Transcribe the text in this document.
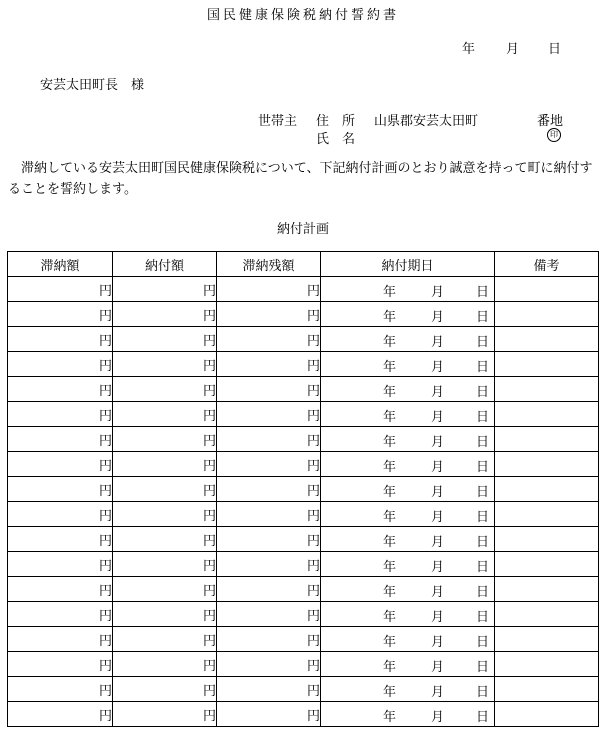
国民健康保険税納付誓約書
年 月 日
安芸太田町長　様
世帯主 住　所 山県郡安芸太田町	番地
氏　名	印
 滞納している安芸太田町国民健康保険税について、下記納付計画のとおり誠意を持って町に納付することを誓約します。
納付計画
滞納額	納付額	滞納残額	納付期日	備考
円	円	円	年 月 日	

円	円	円	年 月 日	

円	円	円	年 月 日	

円	円	円	年 月 日	

円	円	円	年 月 日	

円	円	円	年 月 日	

円	円	円	年 月 日	

円	円	円	年 月 日	

円	円	円	年 月 日	

円	円	円	年 月 日	

円	円	円	年 月 日	

円	円	円	年 月 日	

円	円	円	年 月 日	

円	円	円	年 月 日	

円	円	円	年 月 日	

円	円	円	年 月 日	

円	円	円	年 月 日	

円	円	円	年 月 日	
